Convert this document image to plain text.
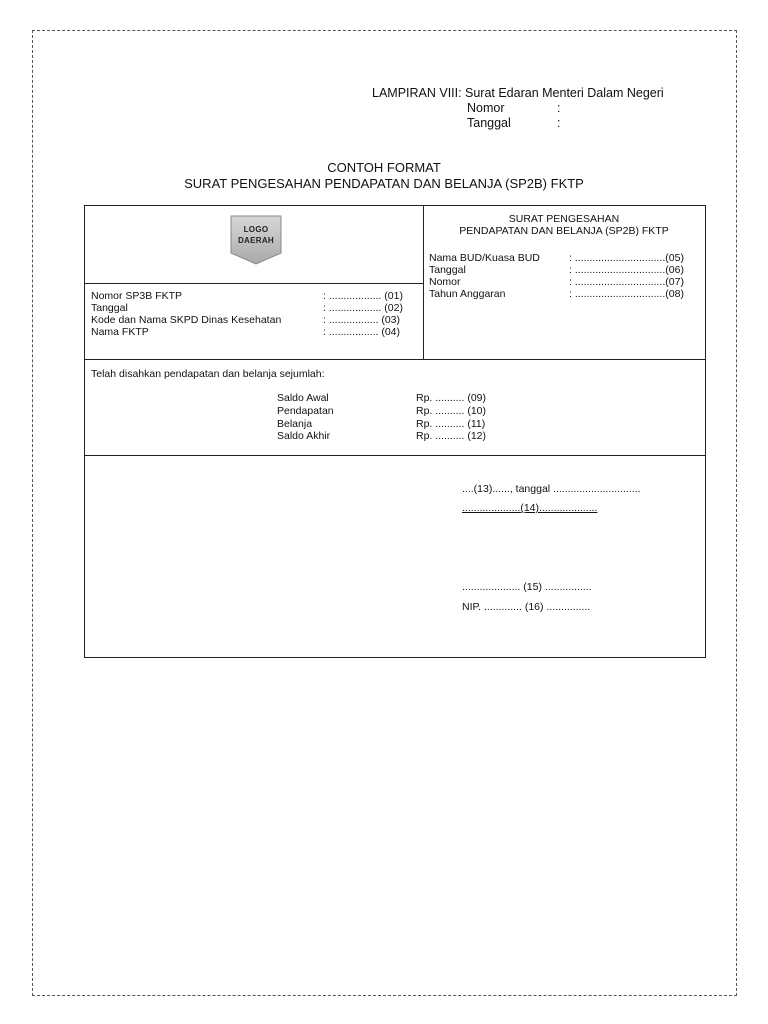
LAMPIRAN VIII: Surat Edaran Menteri Dalam Negeri
Nomor	:
Tanggal	:
CONTOH FORMAT
SURAT PENGESAHAN PENDAPATAN DAN BELANJA (SP2B) FKTP
LOGO
DAERAH
SURAT PENGESAHAN
PENDAPATAN DAN BELANJA (SP2B) FKTP
Nama BUD/Kuasa BUD	: ...............................(05)
Tanggal	: ...............................(06)
Nomor	: ...............................(07)
Tahun Anggaran	: ...............................(08)
Nomor SP3B FKTP	: .................. (01)
Tanggal	: .................. (02)
Kode dan Nama SKPD Dinas Kesehatan	: ................. (03)
Nama FKTP	: ................. (04)
Telah disahkan pendapatan dan belanja sejumlah:
Saldo Awal	Rp. .......... (09)
Pendapatan	Rp. .......... (10)
Belanja	Rp. .......... (11)
Saldo Akhir	Rp. .......... (12)
....(13)......, tanggal ..............................
....................(14)....................
.................... (15) ................
NIP. ............. (16) ...............
